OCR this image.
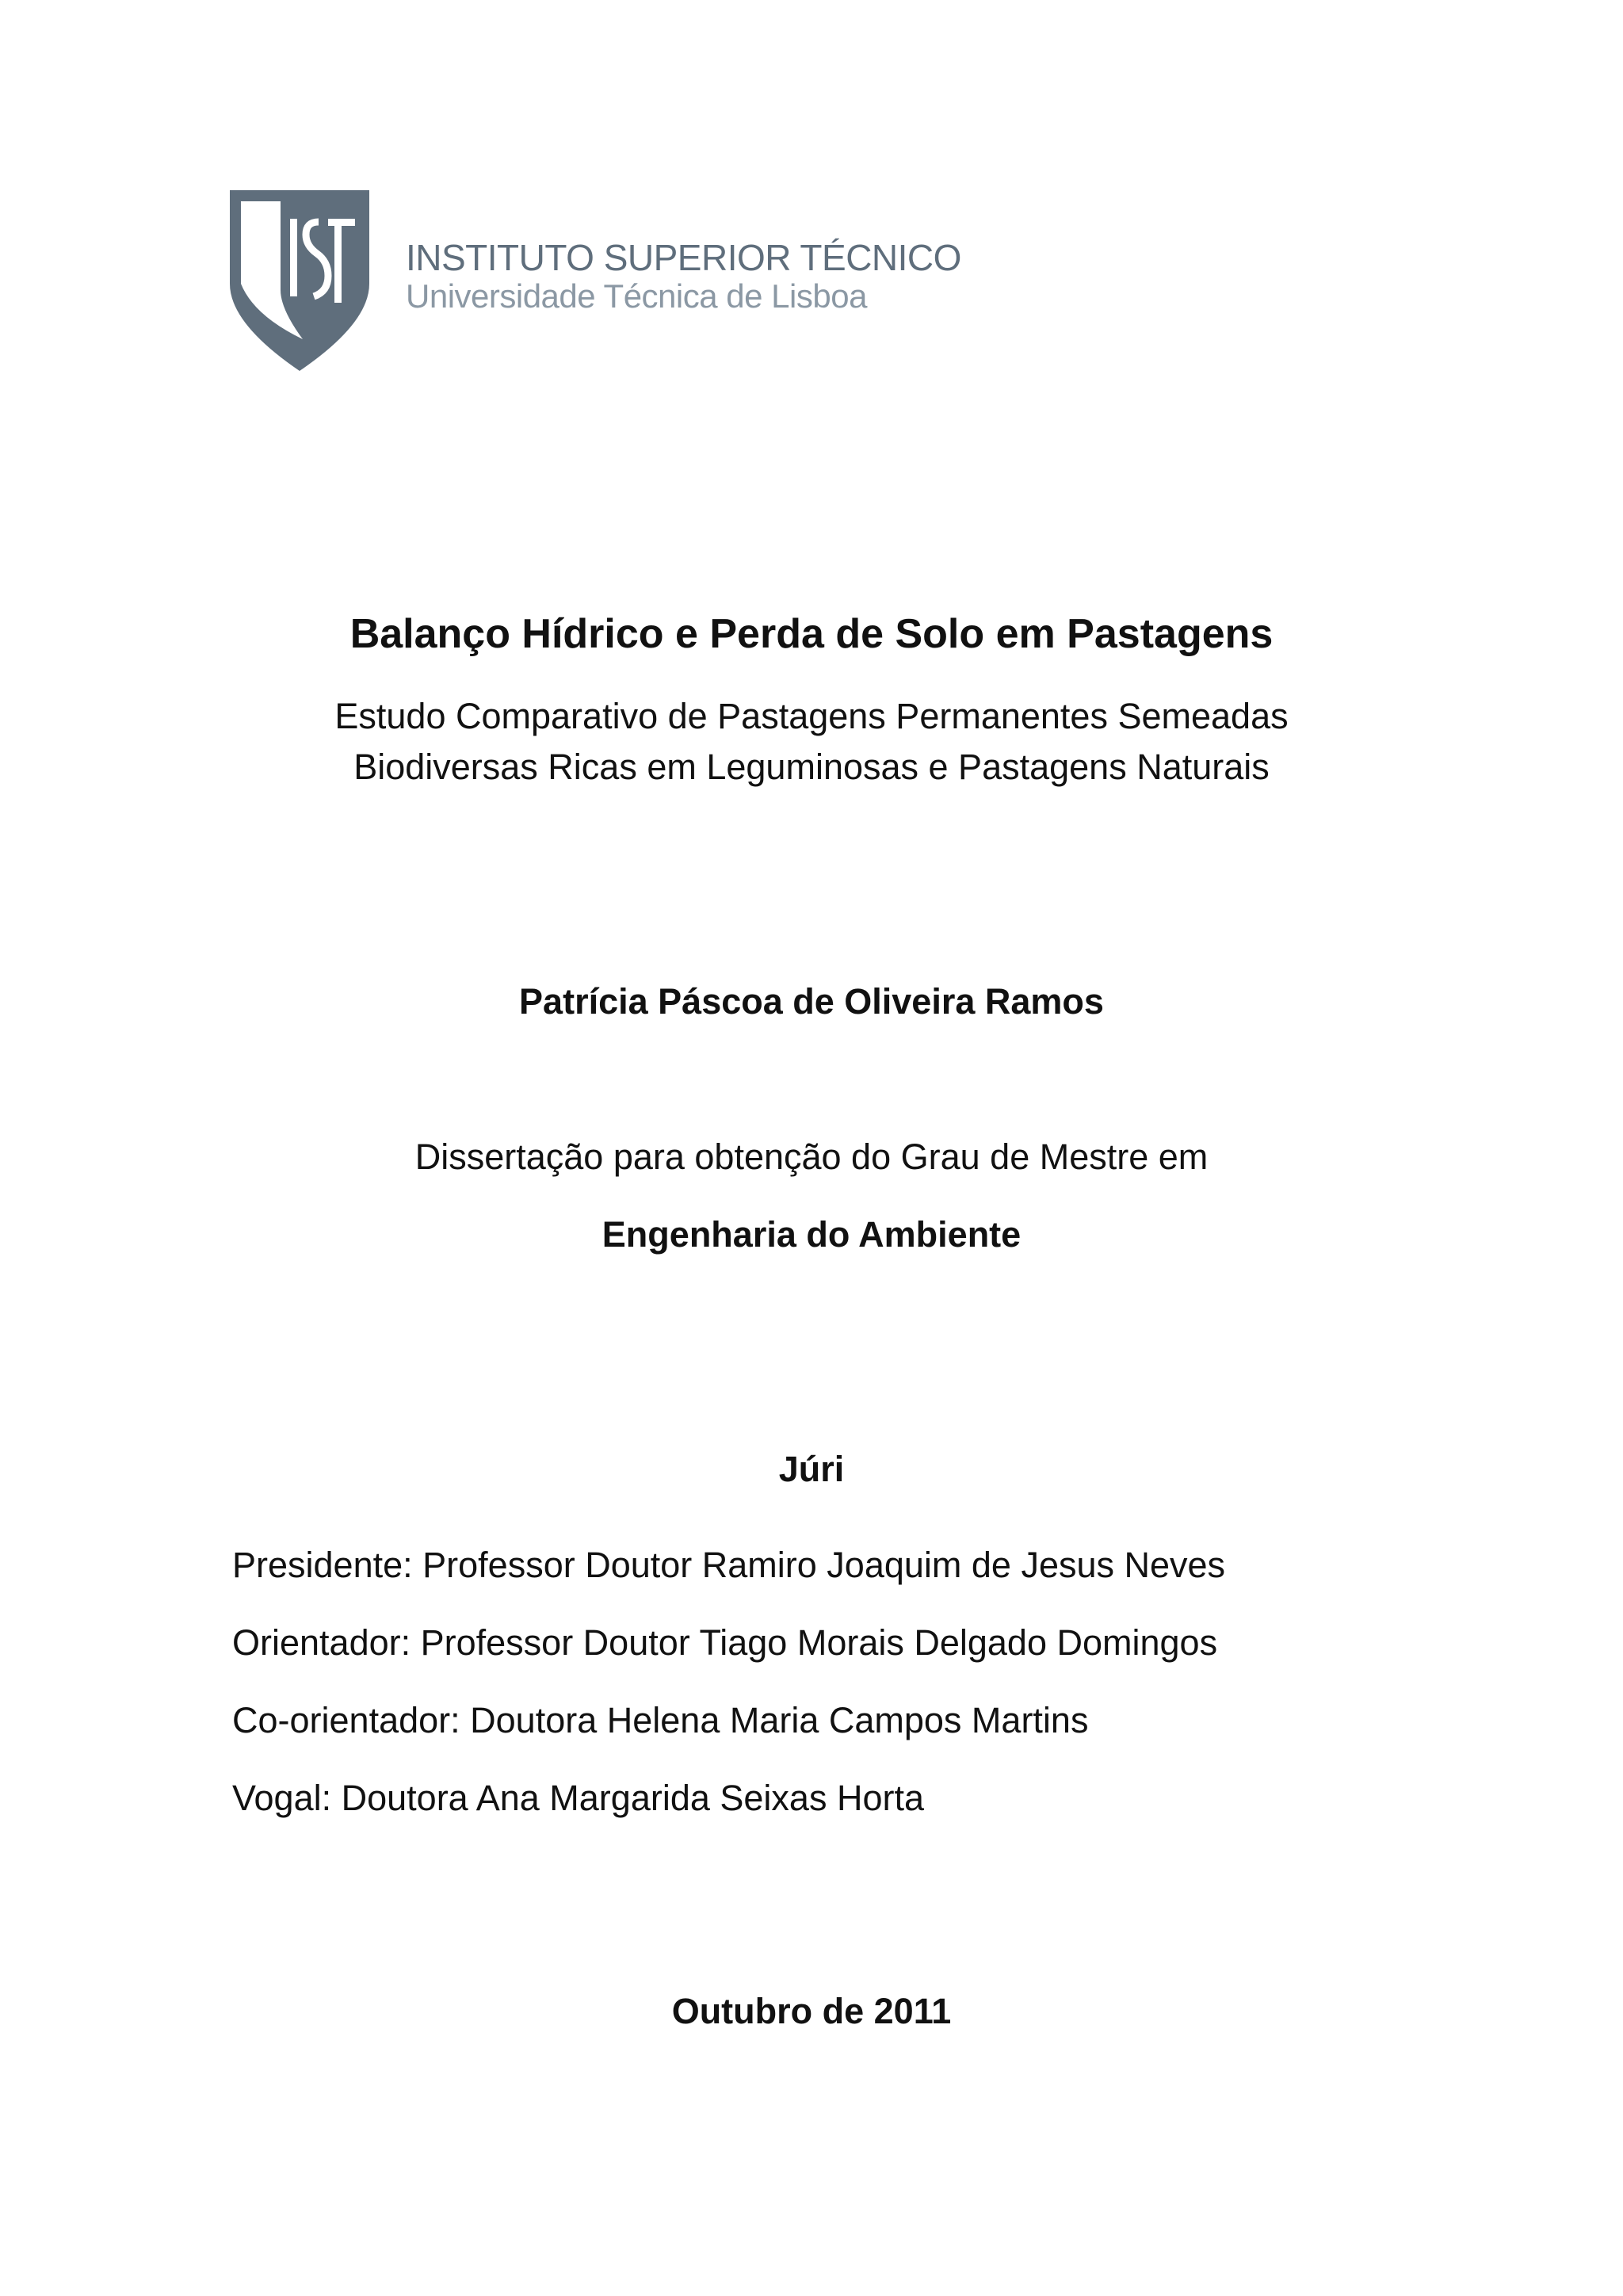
INSTITUTO SUPERIOR TÉCNICO
Universidade Técnica de Lisboa
Balanço Hídrico e Perda de Solo em Pastagens
Estudo Comparativo de Pastagens Permanentes Semeadas
Biodiversas Ricas em Leguminosas e Pastagens Naturais
Patrícia Páscoa de Oliveira Ramos
Dissertação para obtenção do Grau de Mestre em
Engenharia do Ambiente
Júri
Presidente: Professor Doutor Ramiro Joaquim de Jesus Neves
Orientador: Professor Doutor Tiago Morais Delgado Domingos
Co-orientador: Doutora Helena Maria Campos Martins
Vogal: Doutora Ana Margarida Seixas Horta
Outubro de 2011
